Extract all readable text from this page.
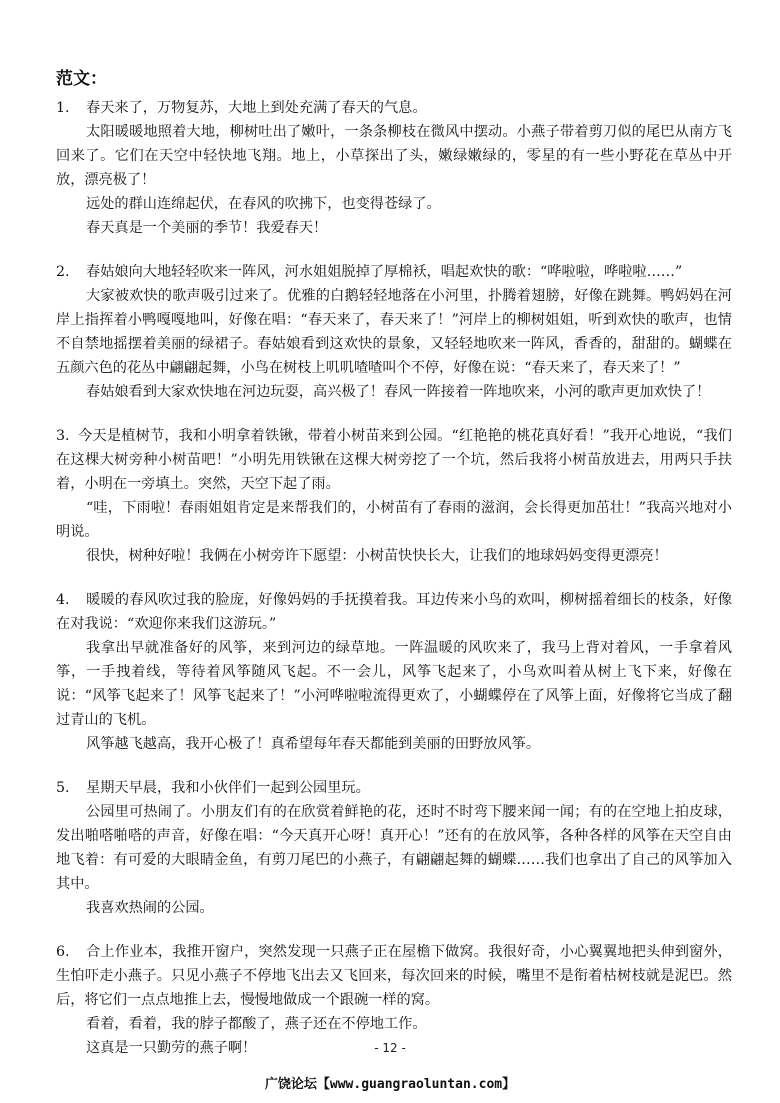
范文：

1. 春天来了，万物复苏，大地上到处充满了春天的气息。

太阳暖暖地照着大地，柳树吐出了嫩叶，一条条柳枝在微风中摆动。小燕子带着剪刀似的尾巴从南方飞回来了。它们在天空中轻快地飞翔。地上，小草探出了头，嫩绿嫩绿的，零星的有一些小野花在草丛中开放，漂亮极了！

远处的群山连绵起伏，在春风的吹拂下，也变得苍绿了。

春天真是一个美丽的季节！我爱春天！

2. 春姑娘向大地轻轻吹来一阵风，河水姐姐脱掉了厚棉袄，唱起欢快的歌：“哗啦啦，哗啦啦……”

大家被欢快的歌声吸引过来了。优雅的白鹅轻轻地落在小河里，扑腾着翅膀，好像在跳舞。鸭妈妈在河岸上指挥着小鸭嘎嘎地叫，好像在唱：“春天来了，春天来了！”河岸上的柳树姐姐，听到欢快的歌声，也情不自禁地摇摆着美丽的绿裙子。春姑娘看到这欢快的景象，又轻轻地吹来一阵风，香香的，甜甜的。蝴蝶在五颜六色的花丛中翩翩起舞，小鸟在树枝上叽叽喳喳叫个不停，好像在说：“春天来了，春天来了！”

春姑娘看到大家欢快地在河边玩耍，高兴极了！春风一阵接着一阵地吹来，小河的歌声更加欢快了！

3. 今天是植树节，我和小明拿着铁锹，带着小树苗来到公园。“红艳艳的桃花真好看！”我开心地说，“我们在这棵大树旁种小树苗吧！”小明先用铁锹在这棵大树旁挖了一个坑，然后我将小树苗放进去，用两只手扶着，小明在一旁填土。突然，天空下起了雨。

“哇，下雨啦！春雨姐姐肯定是来帮我们的，小树苗有了春雨的滋润，会长得更加茁壮！”我高兴地对小明说。

很快，树种好啦！我俩在小树旁许下愿望：小树苗快快长大，让我们的地球妈妈变得更漂亮！

4. 暖暖的春风吹过我的脸庞，好像妈妈的手抚摸着我。耳边传来小鸟的欢叫，柳树摇着细长的枝条，好像在对我说：“欢迎你来我们这游玩。”

我拿出早就准备好的风筝，来到河边的绿草地。一阵温暖的风吹来了，我马上背对着风，一手拿着风筝，一手拽着线，等待着风筝随风飞起。不一会儿，风筝飞起来了，小鸟欢叫着从树上飞下来，好像在说：“风筝飞起来了！风筝飞起来了！”小河哗啦啦流得更欢了，小蝴蝶停在了风筝上面，好像将它当成了翻过青山的飞机。

风筝越飞越高，我开心极了！真希望每年春天都能到美丽的田野放风筝。

5. 星期天早晨，我和小伙伴们一起到公园里玩。

公园里可热闹了。小朋友们有的在欣赏着鲜艳的花，还时不时弯下腰来闻一闻；有的在空地上拍皮球，发出啪嗒啪嗒的声音，好像在唱：“今天真开心呀！真开心！”还有的在放风筝，各种各样的风筝在天空自由地飞着：有可爱的大眼睛金鱼，有剪刀尾巴的小燕子，有翩翩起舞的蝴蝶……我们也拿出了自己的风筝加入其中。

我喜欢热闹的公园。

6. 合上作业本，我推开窗户，突然发现一只燕子正在屋檐下做窝。我很好奇，小心翼翼地把头伸到窗外，生怕吓走小燕子。只见小燕子不停地飞出去又飞回来，每次回来的时候，嘴里不是衔着枯树枝就是泥巴。然后，将它们一点点地推上去，慢慢地做成一个跟碗一样的窝。

看着，看着，我的脖子都酸了，燕子还在不停地工作。

这真是一只勤劳的燕子啊！	- 12 -
广饶论坛【www.guangraoluntan.com】
